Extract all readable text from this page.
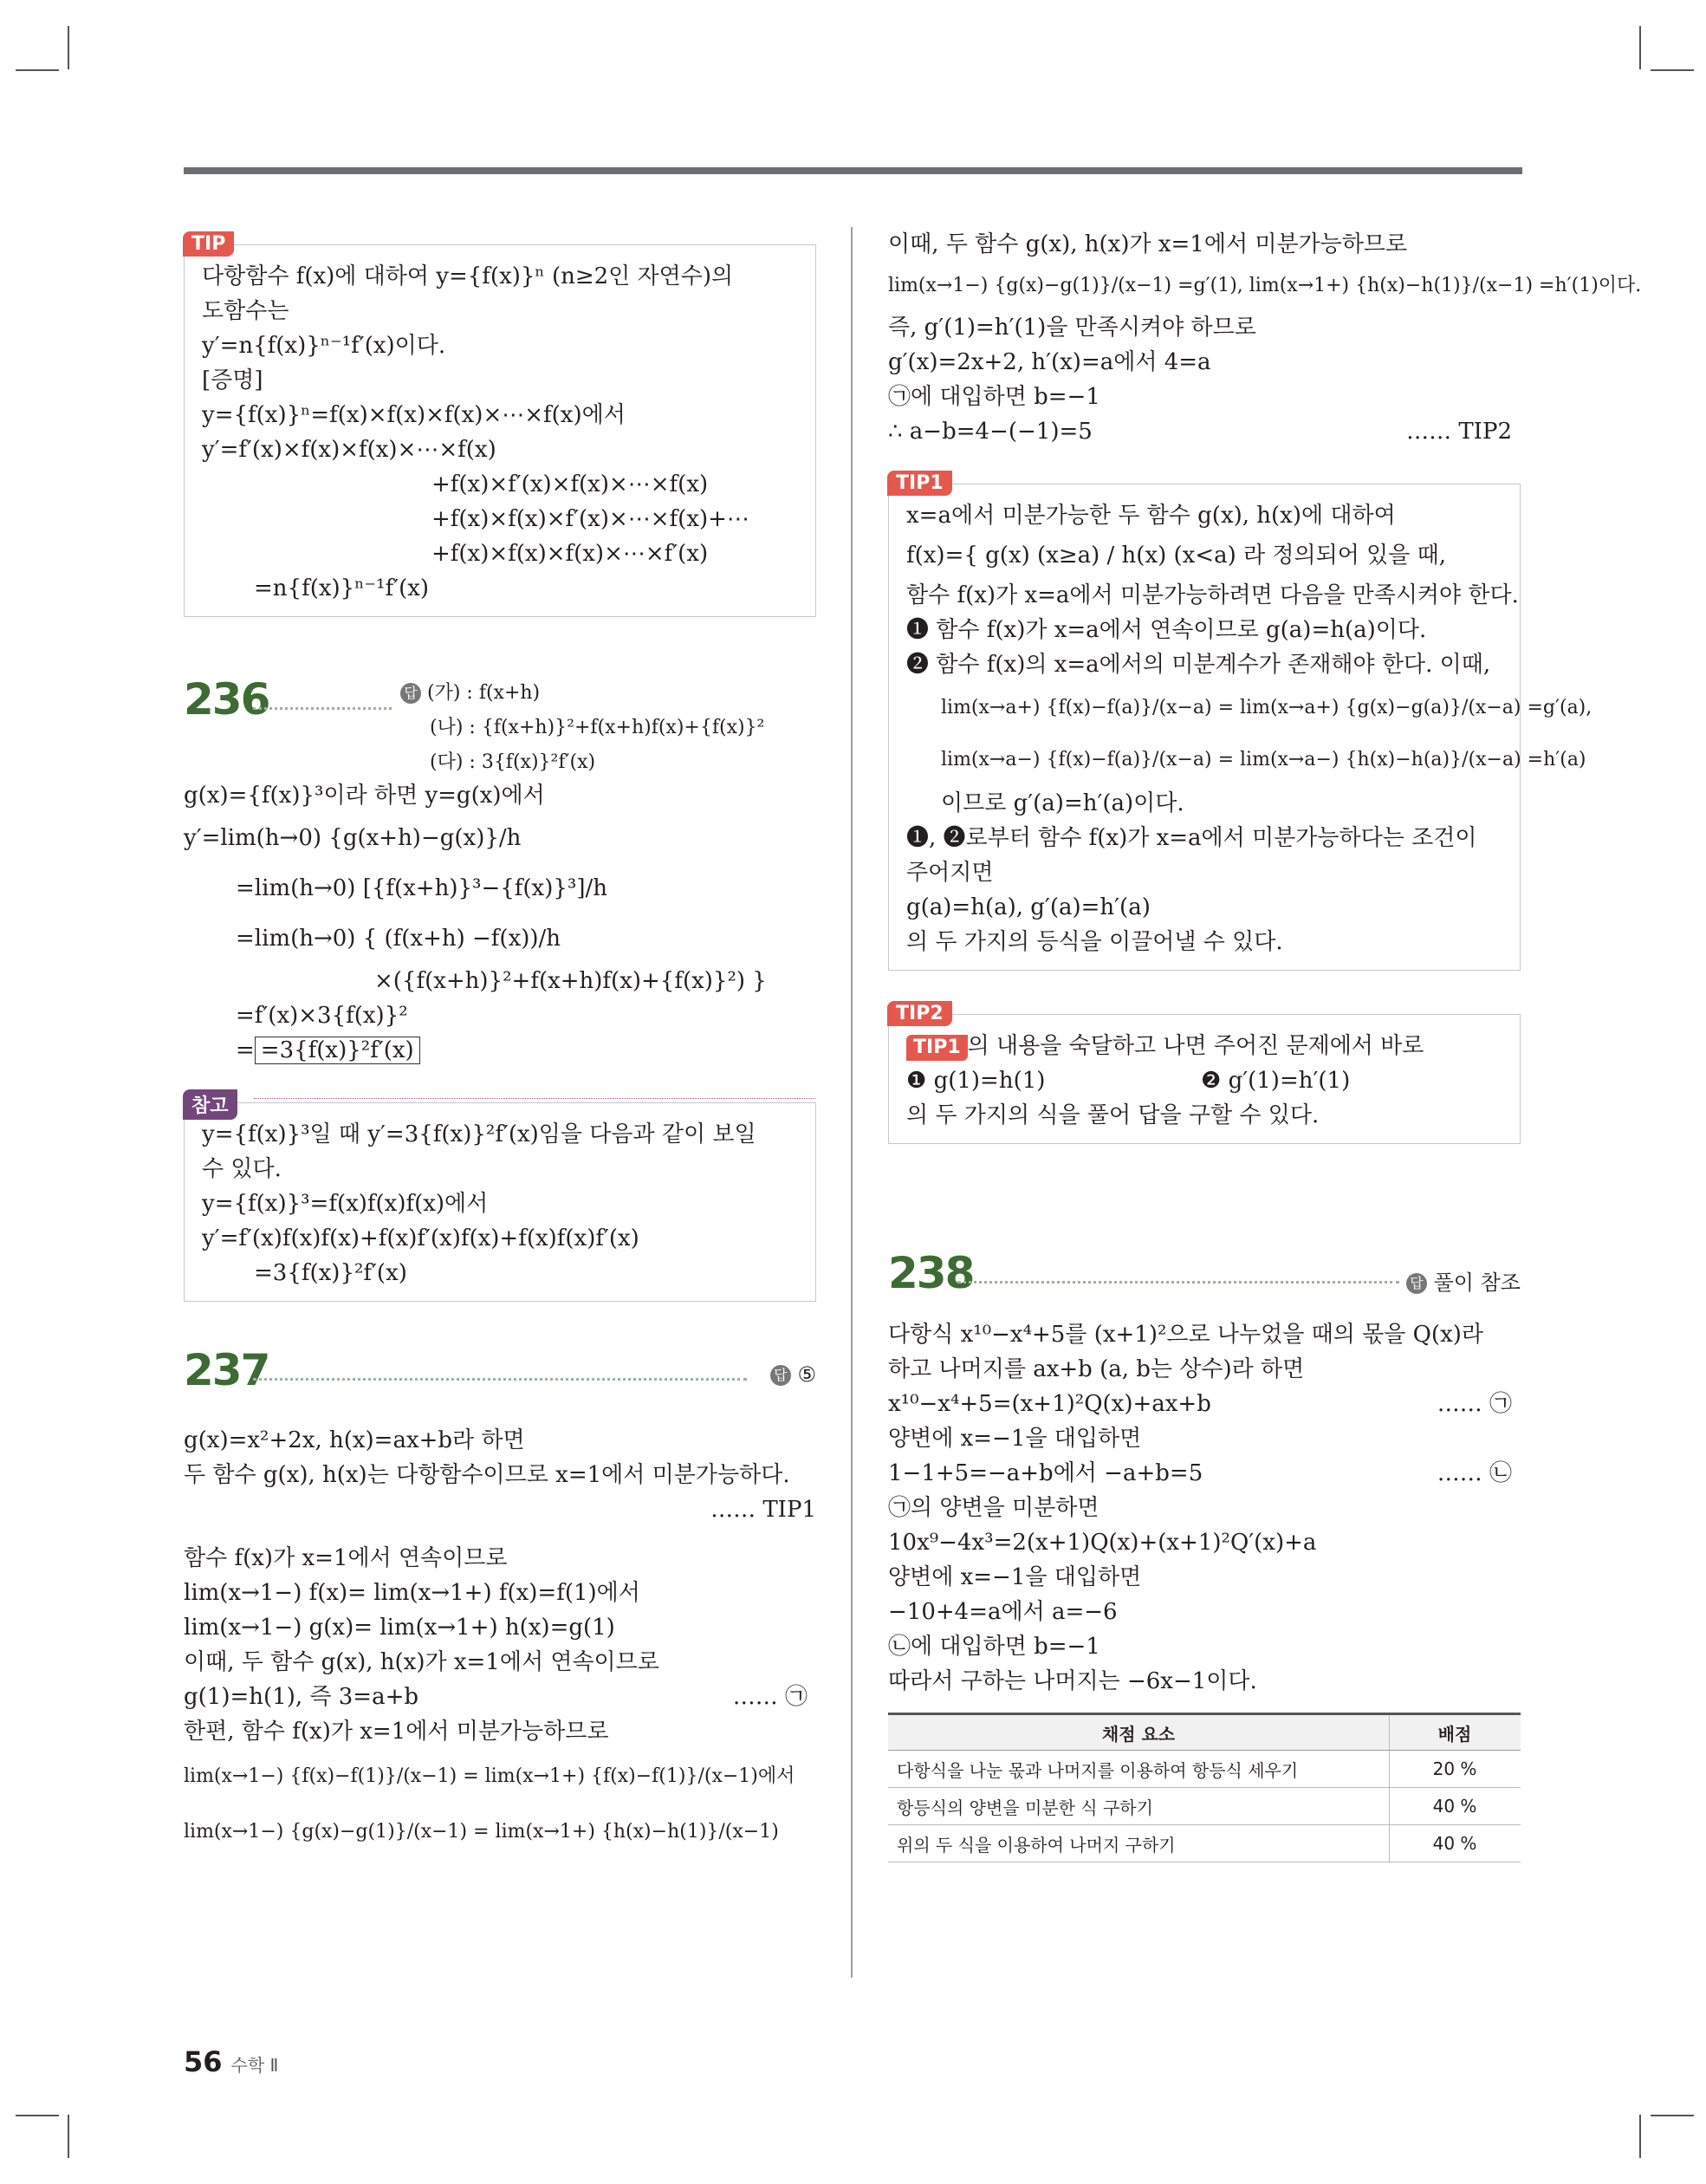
TIP
다항함수 f(x)에 대하여 y={f(x)}ⁿ (n≥2인 자연수)의
도함수는
y′=n{f(x)}ⁿ⁻¹f′(x)이다.
[증명]
y={f(x)}ⁿ=f(x)×f(x)×f(x)×⋯×f(x)에서
y′=f′(x)×f(x)×f(x)×⋯×f(x)
+f(x)×f′(x)×f(x)×⋯×f(x)
+f(x)×f(x)×f′(x)×⋯×f(x)+⋯
+f(x)×f(x)×f(x)×⋯×f′(x)
=n{f(x)}ⁿ⁻¹f′(x)
236	답 (가) : f(x+h)
(나) : {f(x+h)}²+f(x+h)f(x)+{f(x)}²
(다) : 3{f(x)}²f′(x)
g(x)={f(x)}³이라 하면 y=g(x)에서
y′=lim(h→0) {g(x+h)−g(x)}/h
=lim(h→0) [{f(x+h)}³−{f(x)}³]/h
=lim(h→0) { (f(x+h) −f(x))/h
×({f(x+h)}²+f(x+h)f(x)+{f(x)}²) }
=f′(x)×3{f(x)}²
= =3{f(x)}²f′(x)
참고
y={f(x)}³일 때 y′=3{f(x)}²f′(x)임을 다음과 같이 보일
수 있다.
y={f(x)}³=f(x)f(x)f(x)에서
y′=f′(x)f(x)f(x)+f(x)f′(x)f(x)+f(x)f(x)f′(x)
=3{f(x)}²f′(x)
237	답 ⑤
g(x)=x²+2x, h(x)=ax+b라 하면
두 함수 g(x), h(x)는 다항함수이므로 x=1에서 미분가능하다.
…… TIP1
함수 f(x)가 x=1에서 연속이므로
lim(x→1−) f(x)= lim(x→1+) f(x)=f(1)에서
lim(x→1−) g(x)= lim(x→1+) h(x)=g(1)
이때, 두 함수 g(x), h(x)가 x=1에서 연속이므로
g(1)=h(1), 즉 3=a+b	…… ㉠
한편, 함수 f(x)가 x=1에서 미분가능하므로
lim(x→1−) {f(x)−f(1)}/(x−1) = lim(x→1+) {f(x)−f(1)}/(x−1)에서
lim(x→1−) {g(x)−g(1)}/(x−1) = lim(x→1+) {h(x)−h(1)}/(x−1)
이때, 두 함수 g(x), h(x)가 x=1에서 미분가능하므로
lim(x→1−) {g(x)−g(1)}/(x−1) =g′(1), lim(x→1+) {h(x)−h(1)}/(x−1) =h′(1)이다.
즉, g′(1)=h′(1)을 만족시켜야 하므로
g′(x)=2x+2, h′(x)=a에서 4=a
㉠에 대입하면 b=−1
∴ a−b=4−(−1)=5	…… TIP2
TIP1
x=a에서 미분가능한 두 함수 g(x), h(x)에 대하여
f(x)={ g(x) (x≥a) / h(x) (x<a) 라 정의되어 있을 때,
함수 f(x)가 x=a에서 미분가능하려면 다음을 만족시켜야 한다.
❶ 함수 f(x)가 x=a에서 연속이므로 g(a)=h(a)이다.
❷ 함수 f(x)의 x=a에서의 미분계수가 존재해야 한다. 이때,
lim(x→a+) {f(x)−f(a)}/(x−a) = lim(x→a+) {g(x)−g(a)}/(x−a) =g′(a),
lim(x→a−) {f(x)−f(a)}/(x−a) = lim(x→a−) {h(x)−h(a)}/(x−a) =h′(a)
이므로 g′(a)=h′(a)이다.
❶, ❷로부터 함수 f(x)가 x=a에서 미분가능하다는 조건이
주어지면
g(a)=h(a), g′(a)=h′(a)
의 두 가지의 등식을 이끌어낼 수 있다.
TIP2
TIP1 의 내용을 숙달하고 나면 주어진 문제에서 바로
❶ g(1)=h(1)	❷ g′(1)=h′(1)
의 두 가지의 식을 풀어 답을 구할 수 있다.
238	답 풀이 참조
다항식 x¹⁰−x⁴+5를 (x+1)²으로 나누었을 때의 몫을 Q(x)라
하고 나머지를 ax+b (a, b는 상수)라 하면
x¹⁰−x⁴+5=(x+1)²Q(x)+ax+b	…… ㉠
양변에 x=−1을 대입하면
1−1+5=−a+b에서 −a+b=5	…… ㉡
㉠의 양변을 미분하면
10x⁹−4x³=2(x+1)Q(x)+(x+1)²Q′(x)+a
양변에 x=−1을 대입하면
−10+4=a에서 a=−6
㉡에 대입하면 b=−1
따라서 구하는 나머지는 −6x−1이다.
채점 요소	배점
다항식을 나눈 몫과 나머지를 이용하여 항등식 세우기	20 %
항등식의 양변을 미분한 식 구하기	40 %
위의 두 식을 이용하여 나머지 구하기	40 %
56 수학 Ⅱ
